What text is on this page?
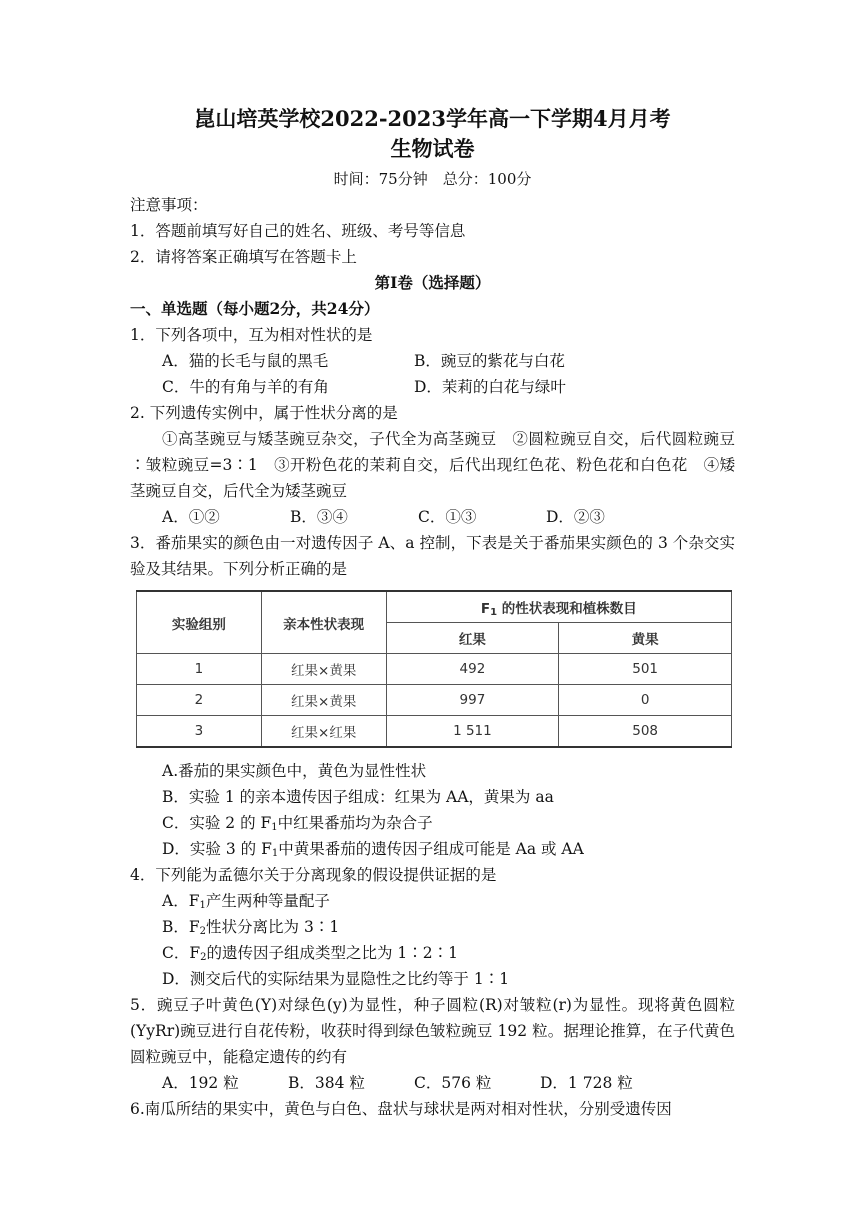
崑山培英学校2022-2023学年高一下学期4月月考
生物试卷
时间：75分钟　总分：100分
注意事项：
1．答题前填写好自己的姓名、班级、考号等信息
2．请将答案正确填写在答题卡上
第Ⅰ卷（选择题）
一、单选题（每小题2分，共24分）
1．下列各项中，互为相对性状的是
A．猫的长毛与鼠的黑毛	B．豌豆的紫花与白花
C．牛的有角与羊的有角	D．茉莉的白花与绿叶
2. 下列遗传实例中，属于性状分离的是
①高茎豌豆与矮茎豌豆杂交，子代全为高茎豌豆　②圆粒豌豆自交，后代圆粒豌豆∶皱粒豌豆=3∶1　③开粉色花的茉莉自交，后代出现红色花、粉色花和白色花　④矮茎豌豆自交，后代全为矮茎豌豆
A．①②	B．③④	C．①③	D．②③
3．番茄果实的颜色由一对遗传因子 A、a 控制，下表是关于番茄果实颜色的 3 个杂交实验及其结果。下列分析正确的是
实验组别	亲本性状表现	$F_1$ 的性状表现和植株数目	
		红果	黄果
1	红果×黄果	492	501
2	红果×黄果	997	0
3	红果×红果	1 511	508
A.番茄的果实颜色中，黄色为显性性状
B．实验 1 的亲本遗传因子组成：红果为 AA，黄果为 aa
C．实验 2 的 $F_1$中红果番茄均为杂合子
D．实验 3 的 $F_1$中黄果番茄的遗传因子组成可能是 Aa 或 AA
4．下列能为孟德尔关于分离现象的假设提供证据的是
A．$F_1$产生两种等量配子
B．$F_2$性状分离比为 3∶1
C．$F_2$的遗传因子组成类型之比为 1∶2∶1
D．测交后代的实际结果为显隐性之比约等于 1∶1
5．豌豆子叶黄色(Y)对绿色(y)为显性，种子圆粒(R)对皱粒(r)为显性。现将黄色圆粒(YyRr)豌豆进行自花传粉，收获时得到绿色皱粒豌豆 192 粒。据理论推算，在子代黄色圆粒豌豆中，能稳定遗传的约有
A．192 粒	B．384 粒	C．576 粒	D．1 728 粒
6.南瓜所结的果实中，黄色与白色、盘状与球状是两对相对性状，分别受遗传因
